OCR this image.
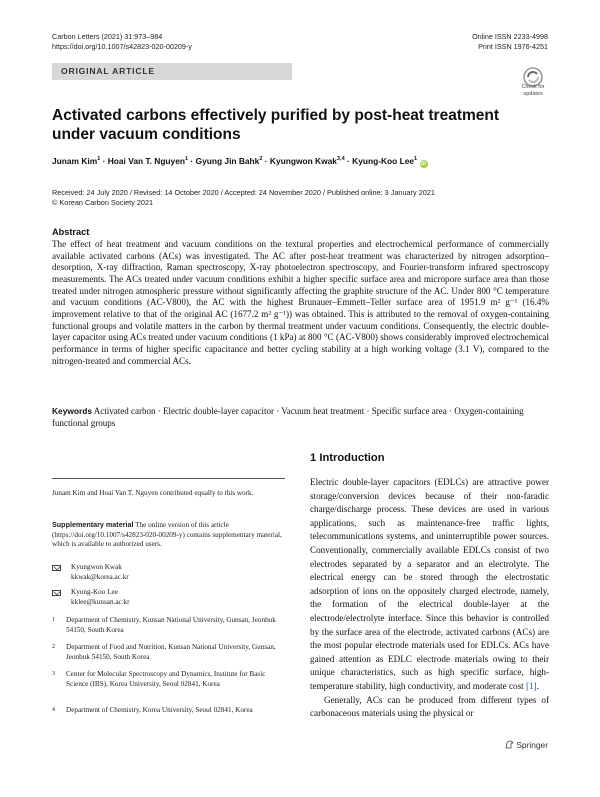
Carbon Letters (2021) 31:973–984
https://doi.org/10.1007/s42823-020-00209-y
Online ISSN 2233-4998
Print ISSN 1976-4251
ORIGINAL ARTICLE
Check for updates
Activated carbons effectively purified by post-heat treatment under vacuum conditions
Junam Kim$^1$ · Hoai Van T. Nguyen$^1$ · Gyung Jin Bahk$^2$ · Kyungwon Kwak$^{3,4}$ · Kyung-Koo Lee$^1$ iD
Received: 24 July 2020 / Revised: 14 October 2020 / Accepted: 24 November 2020 / Published online: 3 January 2021
© Korean Carbon Society 2021
Abstract
The effect of heat treatment and vacuum conditions on the textural properties and electrochemical performance of commercially available activated carbons (ACs) was investigated. The AC after post-heat treatment was characterized by nitrogen adsorption–desorption, X-ray diffraction, Raman spectroscopy, X-ray photoelectron spectroscopy, and Fourier-transform infrared spectroscopy measurements. The ACs treated under vacuum conditions exhibit a higher specific surface area and micropore surface area than those treated under nitrogen atmospheric pressure without significantly affecting the graphite structure of the AC. Under 800 °C temperature and vacuum conditions (AC-V800), the AC with the highest Brunauer–Emmett–Teller surface area of 1951.9 m² g⁻¹ (16.4% improvement relative to that of the original AC (1677.2 m² g⁻¹)) was obtained. This is attributed to the removal of oxygen-containing functional groups and volatile matters in the carbon by thermal treatment under vacuum conditions. Consequently, the electric double-layer capacitor using ACs treated under vacuum conditions (1 kPa) at 800 °C (AC-V800) shows considerably improved electrochemical performance in terms of higher specific capacitance and better cycling stability at a high working voltage (3.1 V), compared to the nitrogen-treated and commercial ACs.
Keywords Activated carbon · Electric double-layer capacitor · Vacuum heat treatment · Specific surface area · Oxygen-containing functional groups
Junam Kim and Hoai Van T. Nguyen contributed equally to this work.
Supplementary material The online version of this article (https://doi.org/10.1007/s42823-020-00209-y) contains supplementary material, which is available to authorized users.
Kyungwon Kwak
kkwak@korea.ac.kr
Kyung-Koo Lee
kklee@kunsan.ac.kr
1	Department of Chemistry, Kunsan National University, Gunsan, Jeonbuk 54150, South Korea
2	Department of Food and Nutrition, Kunsan National University, Gunsan, Jeonbuk 54150, South Korea
3	Center for Molecular Spectroscopy and Dynamics, Institute for Basic Science (IBS), Korea University, Seoul 02841, Korea
4	Department of Chemistry, Korea University, Seoul 02841, Korea
1 Introduction

Electric double-layer capacitors (EDLCs) are attractive power storage/conversion devices because of their non-faradic charge/discharge process. These devices are used in various applications, such as maintenance-free traffic lights, telecommunications systems, and uninterruptible power sources. Conventionally, commercially available EDLCs consist of two electrodes separated by a separator and an electrolyte. The electrical energy can be stored through the electrostatic adsorption of ions on the oppositely charged electrode, namely, the formation of the electrical double-layer at the electrode/electrolyte interface. Since this behavior is controlled by the surface area of the electrode, activated carbons (ACs) are the most popular electrode materials used for EDLCs. ACs have gained attention as EDLC electrode materials owing to their unique characteristics, such as high specific surface, high-temperature stability, high conductivity, and moderate cost [1].

Generally, ACs can be produced from different types of carbonaceous materials using the physical or

Springer
